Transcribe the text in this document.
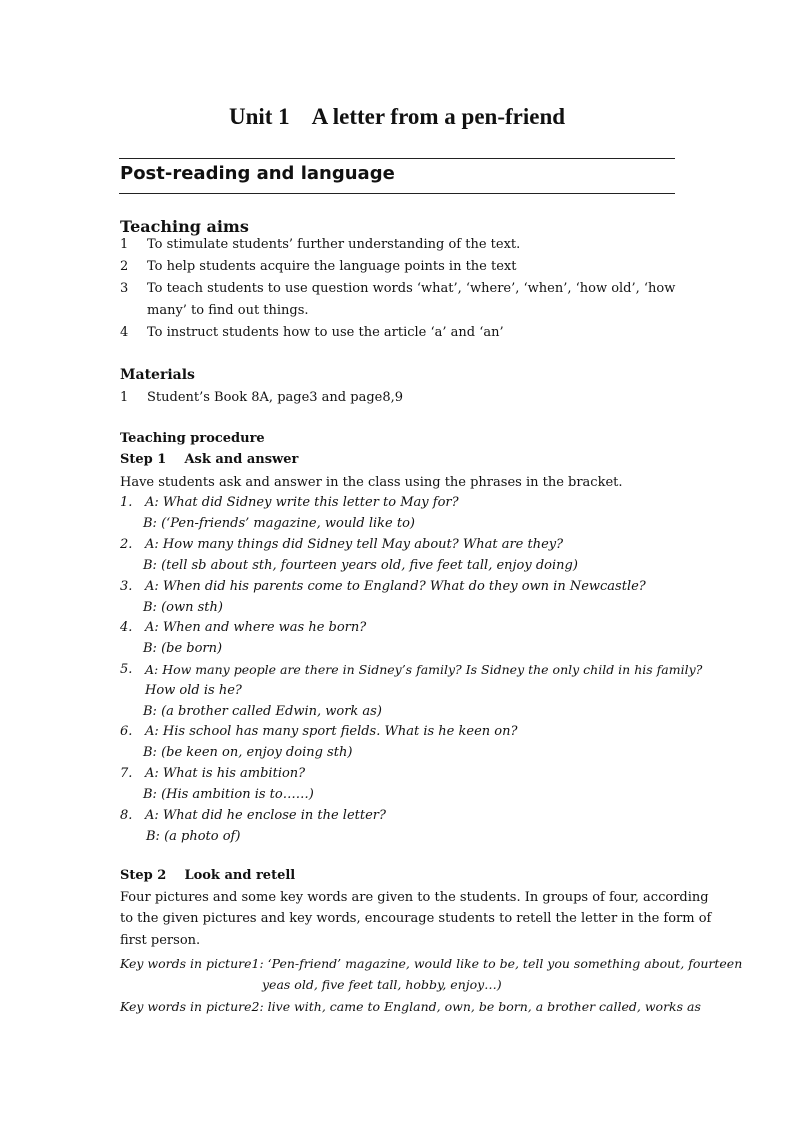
Unit 1 A letter from a pen-friend
Post-reading and language
Teaching aims
1 To stimulate students’ further understanding of the text.
2 To help students acquire the language points in the text
3 To teach students to use question words ‘what’, ‘where’, ‘when’, ‘how old’, ‘how
many’ to find out things.
4 To instruct students how to use the article ‘a’ and ‘an’
Materials
1 Student’s Book 8A, page3 and page8,9
Teaching procedure
Step 1 Ask and answer
Have students ask and answer in the class using the phrases in the bracket.
1. A: What did Sidney write this letter to May for?
B: (‘Pen-friends’ magazine, would like to)
2. A: How many things did Sidney tell May about? What are they?
B: (tell sb about sth, fourteen years old, five feet tall, enjoy doing)
3. A: When did his parents come to England? What do they own in Newcastle?
B: (own sth)
4. A: When and where was he born?
B: (be born)
5. A: How many people are there in Sidney’s family? Is Sidney the only child in his family?
How old is he?
B: (a brother called Edwin, work as)
6. A: His school has many sport fields. What is he keen on?
B: (be keen on, enjoy doing sth)
7. A: What is his ambition?
B: (His ambition is to……)
8. A: What did he enclose in the letter?
B: (a photo of)
Step 2 Look and retell
Four pictures and some key words are given to the students. In groups of four, according
to the given pictures and key words, encourage students to retell the letter in the form of
first person.
Key words in picture1: ‘Pen-friend’ magazine, would like to be, tell you something about, fourteen
yeas old, five feet tall, hobby, enjoy…)
Key words in picture2: live with, came to England, own, be born, a brother called, works as
